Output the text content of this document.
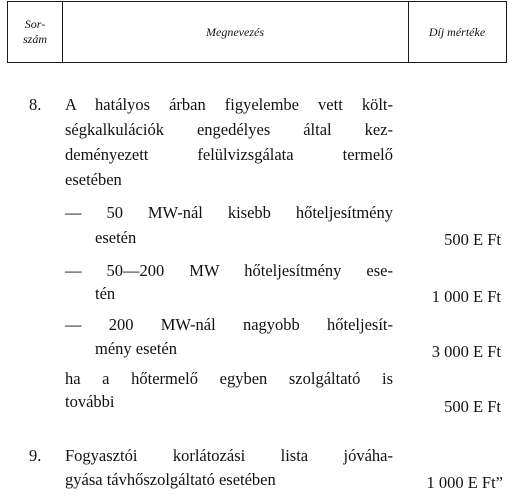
Sor-
szám
Megnevezés	Díj mértéke
8. A hatályos árban figyelembe vett költ-
ségkalkulációk engedélyes által kez-
deményezett felülvizsgálata termelő
esetében
— 50 MW-nál kisebb hőteljesítmény
esetén	500 E Ft
— 50—200 MW hőteljesítmény ese-
tén	1 000 E Ft
— 200 MW-nál nagyobb hőteljesít-
mény esetén	3 000 E Ft
ha a hőtermelő egyben szolgáltató is
további	500 E Ft
9. Fogyasztói korlátozási lista jóváha-
gyása távhőszolgáltató esetében	1 000 E Ft”
